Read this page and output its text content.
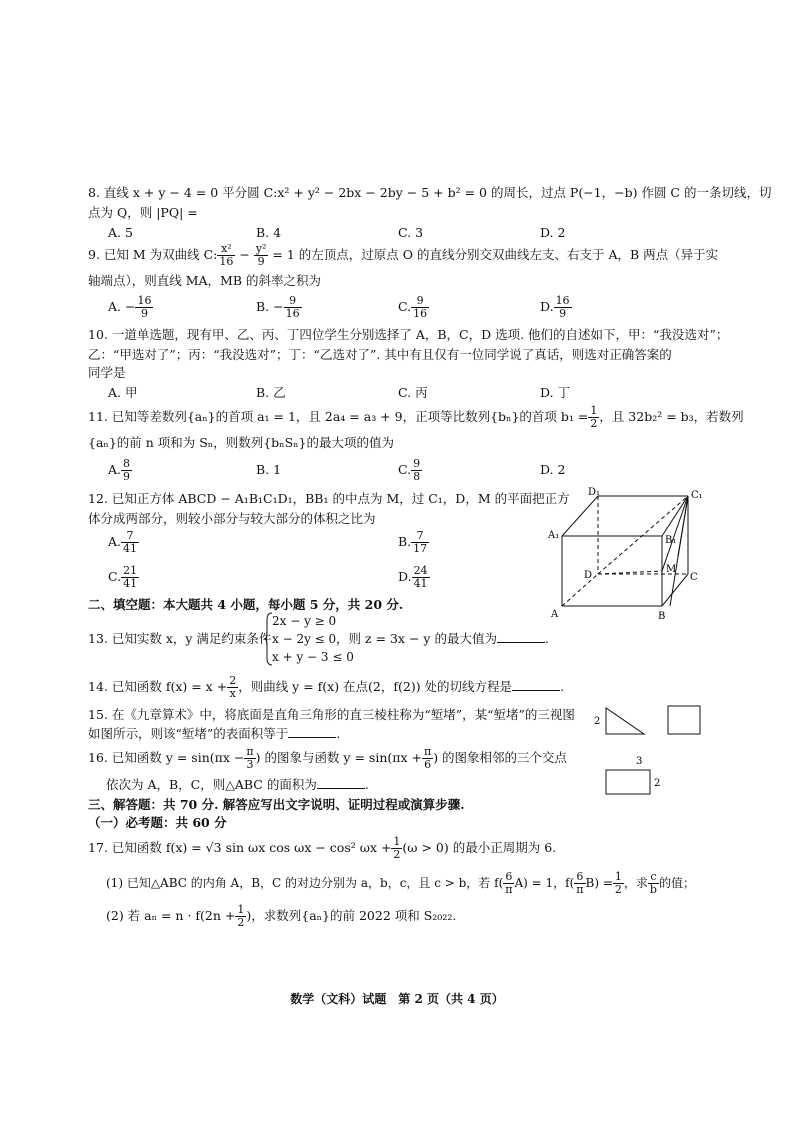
8. 直线 x + y − 4 = 0 平分圆 C:x² + y² − 2bx − 2by − 5 + b² = 0 的周长，过点 P(−1，−b) 作圆 C 的一条切线，切
点为 Q，则 |PQ| =
A. 5	B. 4	C. 3	D. 2
9. 已知 M 为双曲线 C: $\frac{\text{x²}}{16} - \frac{\text{y²}}{9} = 1$ 的左顶点，过原点 O 的直线分别交双曲线左支、右支于 A，B 两点（异于实
轴端点），则直线 MA，MB 的斜率之积为
A. − $\frac{16}{9}$	B. − $\frac{9}{16}$	C. $\frac{9}{16}$	D. $\frac{16}{9}$
10. 一道单选题，现有甲、乙、丙、丁四位学生分别选择了 A，B，C，D 选项. 他们的自述如下，甲：“我没选对”；
乙：“甲选对了”；丙：“我没选对”；丁：“乙选对了”. 其中有且仅有一位同学说了真话，则选对正确答案的
同学是
A. 甲	B. 乙	C. 丙	D. 丁
11. 已知等差数列{aₙ}的首项 a₁ = 1，且 2a₄ = a₃ + 9，正项等比数列{bₙ}的首项 $b_1 = \frac{1}{2}$ ，且 32b₂² = b₃，若数列
{aₙ}的前 n 项和为 Sₙ，则数列{bₙSₙ}的最大项的值为
A. $\frac{8}{9}$	B. 1	C. $\frac{9}{8}$	D. 2
12. 已知正方体 ABCD − A₁B₁C₁D₁，BB₁ 的中点为 M，过 C₁，D，M 的平面把正方
体分成两部分，则较小部分与较大部分的体积之比为
A. $\frac{7}{41}$	B. $\frac{7}{17}$
C. $\frac{21}{41}$	D. $\frac{24}{41}$
D₁	C₁
A₁	B₁
D
M
C
A	B
二、填空题：本大题共 4 小题，每小题 5 分，共 20 分.
13. 已知实数 x，y 满足约束条件
2x − y ≥ 0
x − 2y ≤ 0
x + y − 3 ≤ 0
，则 z = 3x − y 的最大值为	.
14. 已知函数 $f(x) = x + \frac{2}{x}$ ，则曲线 y = f(x) 在点(2，f(2)) 处的切线方程是	.
15. 在《九章算术》中，将底面是直角三角形的直三棱柱称为“堑堵”，某“堑堵”的三视图
如图所示，则该“堑堵”的表面积等于	.
2
3
2
16. 已知函数 $y = \sin(\pi x - \frac{\pi}{3}$ ) 的图象与函数 $y = \sin(\pi x + \frac{\pi}{6}$ ) 的图象相邻的三个交点
依次为 A，B，C，则△ABC 的面积为	.
三、解答题：共 70 分. 解答应写出文字说明、证明过程或演算步骤.
（一）必考题：共 60 分
17. 已知函数 f(x) = √3 sin ωx cos ωx − cos² $\omega x + \frac{1}{2} (\omega > 0)$ 的最小正周期为 6.
(1) 已知△ABC 的内角 A，B，C 的对边分别为 a，b，c，且 c > b，若 $f( \frac{6}{\pi} A) = 1$，$f( \frac{6}{\pi} B) = \frac{1}{2}$ ，求 $\frac{c}{b}$ 的值；
(2) 若 $a_n = n \cdot f(2n + \frac{1}{2}$ )，求数列{aₙ}的前 2022 项和 S₂₀₂₂.
数学（文科）试题　第 2 页（共 4 页）
